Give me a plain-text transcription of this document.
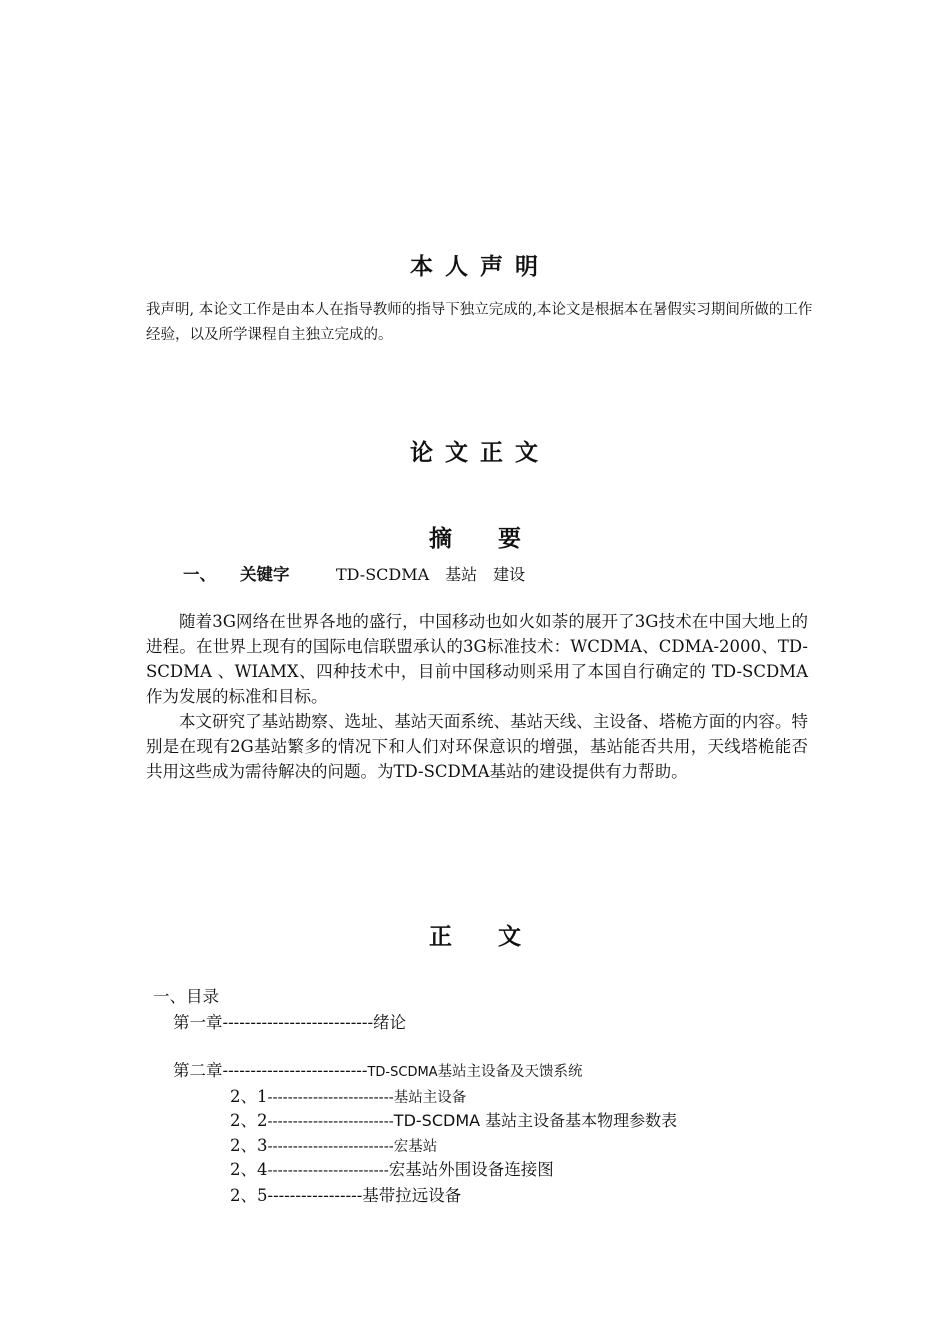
本 人 声 明
我声明, 本论文工作是由本人在指导教师的指导下独立完成的,本论文是根据本在暑假实习期间所做的工作经验，以及所学课程自主独立完成的。
论 文 正 文
摘　　要
一、 关键字	TD-SCDMA　基站　建设
随着3G网络在世界各地的盛行，中国移动也如火如荼的展开了3G技术在中国大地上的进程。在世界上现有的国际电信联盟承认的3G标准技术：WCDMA、CDMA-2000、TD-SCDMA 、WIAMX、四种技术中，目前中国移动则采用了本国自行确定的 TD-SCDMA作为发展的标准和目标。
本文研究了基站勘察、选址、基站天面系统、基站天线、主设备、塔桅方面的内容。特别是在现有2G基站繁多的情况下和人们对环保意识的增强，基站能否共用，天线塔桅能否共用这些成为需待解决的问题。为TD-SCDMA基站的建设提供有力帮助。
正　　文
一、目录
第一章---------------------------绪论
第二章--------------------------TD-SCDMA基站主设备及天馈系统
2、1-------------------------基站主设备
2、2-------------------------TD-SCDMA 基站主设备基本物理参数表
2、3-------------------------宏基站
2、4------------------------宏基站外围设备连接图
2、5-----------------基带拉远设备
